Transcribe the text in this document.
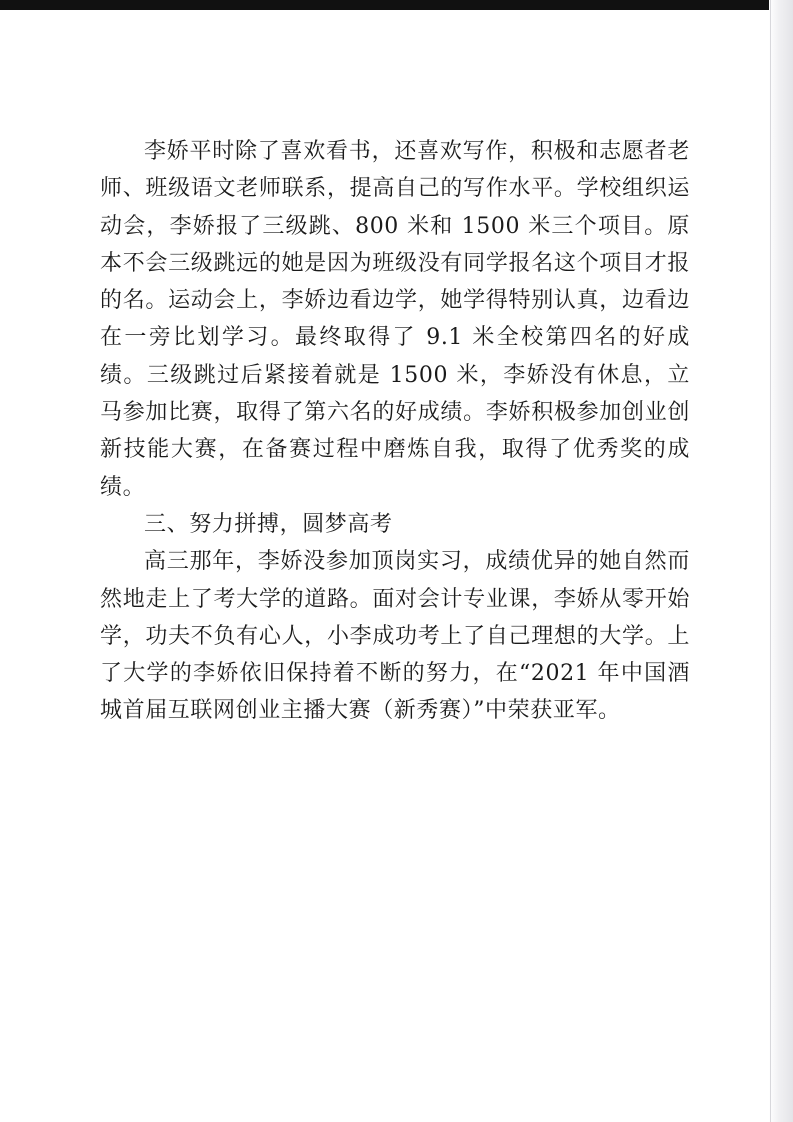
李娇平时除了喜欢看书，还喜欢写作，积极和志愿者老师、班级语文老师联系，提高自己的写作水平。学校组织运动会，李娇报了三级跳、800 米和 1500 米三个项目。原本不会三级跳远的她是因为班级没有同学报名这个项目才报的名。运动会上，李娇边看边学，她学得特别认真，边看边在一旁比划学习。最终取得了 9.1 米全校第四名的好成绩。三级跳过后紧接着就是 1500 米，李娇没有休息，立马参加比赛，取得了第六名的好成绩。李娇积极参加创业创新技能大赛，在备赛过程中磨炼自我，取得了优秀奖的成绩。

三、努力拼搏，圆梦高考

高三那年，李娇没参加顶岗实习，成绩优异的她自然而然地走上了考大学的道路。面对会计专业课，李娇从零开始学，功夫不负有心人，小李成功考上了自己理想的大学。上了大学的李娇依旧保持着不断的努力，在“2021 年中国酒城首届互联网创业主播大赛（新秀赛）”中荣获亚军。
